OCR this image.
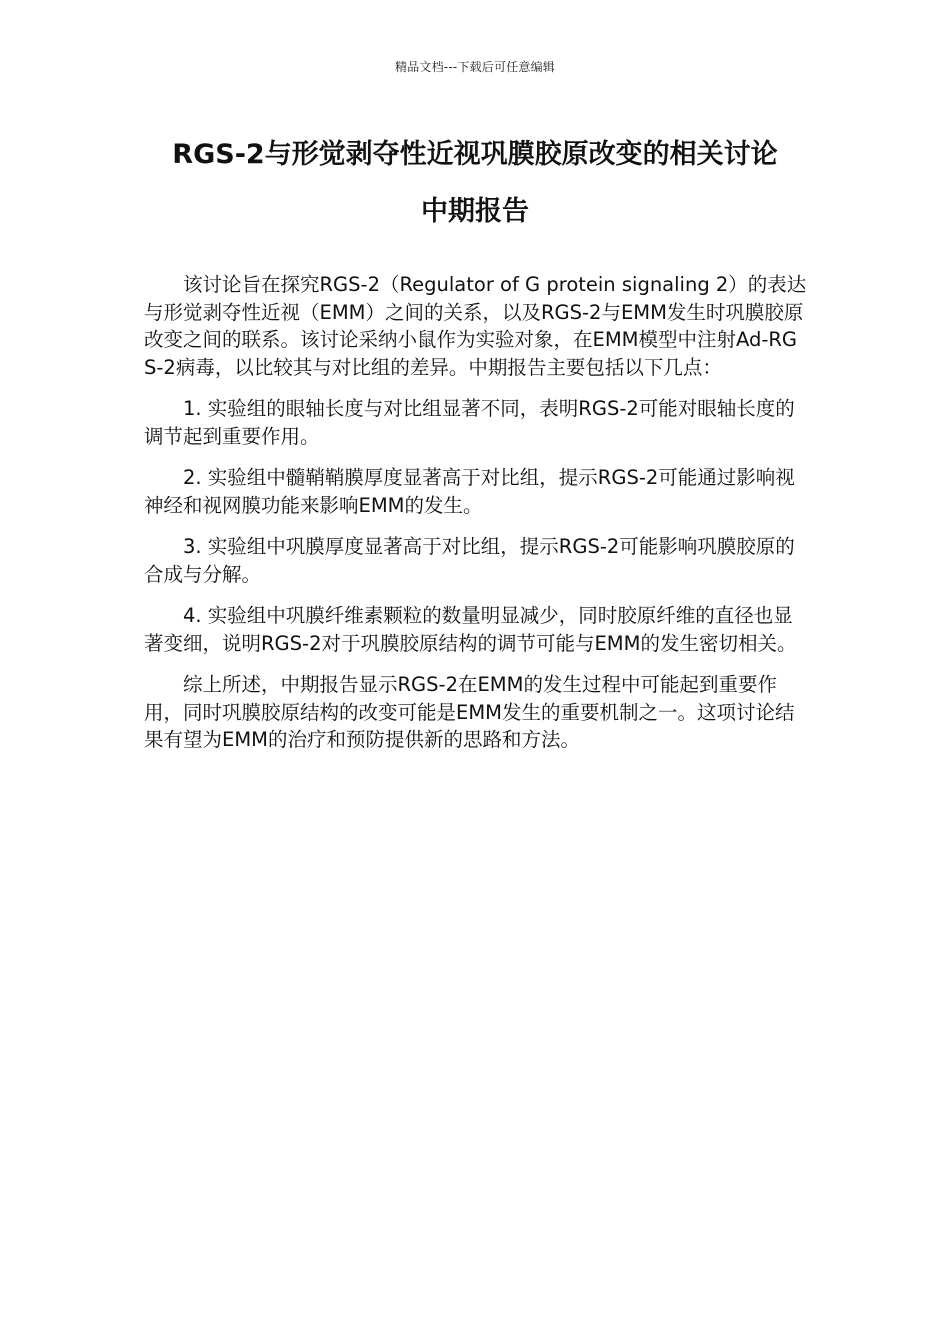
精品文档---下载后可任意编辑
RGS-2与形觉剥夺性近视巩膜胶原改变的相关讨论
中期报告

该讨论旨在探究RGS-2（Regulator of G protein signaling 2）的表达与形觉剥夺性近视（EMM）之间的关系，以及RGS-2与EMM发生时巩膜胶原改变之间的联系。该讨论采纳小鼠作为实验对象，在EMM模型中注射Ad-RGS-2病毒，以比较其与对比组的差异。中期报告主要包括以下几点：

1. 实验组的眼轴长度与对比组显著不同，表明RGS-2可能对眼轴长度的调节起到重要作用。

2. 实验组中髓鞘鞘膜厚度显著高于对比组，提示RGS-2可能通过影响视神经和视网膜功能来影响EMM的发生。

3. 实验组中巩膜厚度显著高于对比组，提示RGS-2可能影响巩膜胶原的合成与分解。

4. 实验组中巩膜纤维素颗粒的数量明显减少，同时胶原纤维的直径也显著变细，说明RGS-2对于巩膜胶原结构的调节可能与EMM的发生密切相关。

综上所述，中期报告显示RGS-2在EMM的发生过程中可能起到重要作用，同时巩膜胶原结构的改变可能是EMM发生的重要机制之一。这项讨论结果有望为EMM的治疗和预防提供新的思路和方法。
